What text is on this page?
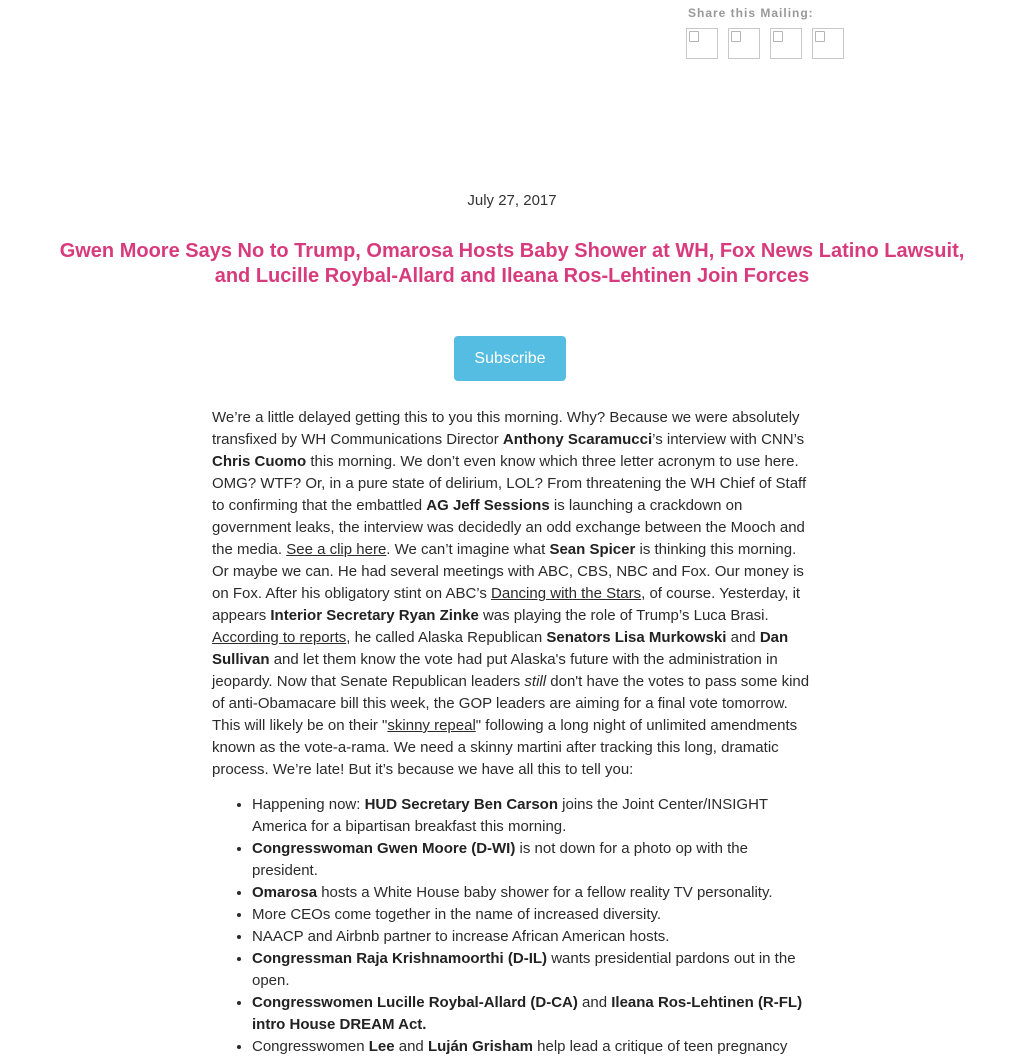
Share this Mailing:
July 27, 2017
Gwen Moore Says No to Trump, Omarosa Hosts Baby Shower at WH, Fox News Latino Lawsuit, and Lucille Roybal-Allard and Ileana Ros-Lehtinen Join Forces
Subscribe

We’re a little delayed getting this to you this morning. Why? Because we were absolutely transfixed by WH Communications Director Anthony Scaramucci’s interview with CNN’s Chris Cuomo this morning. We don’t even know which three letter acronym to use here. OMG? WTF? Or, in a pure state of delirium, LOL? From threatening the WH Chief of Staff to confirming that the embattled AG Jeff Sessions is launching a crackdown on government leaks, the interview was decidedly an odd exchange between the Mooch and the media. See a clip here. We can’t imagine what Sean Spicer is thinking this morning. Or maybe we can. He had several meetings with ABC, CBS, NBC and Fox. Our money is on Fox. After his obligatory stint on ABC’s Dancing with the Stars, of course. Yesterday, it appears Interior Secretary Ryan Zinke was playing the role of Trump’s Luca Brasi. According to reports, he called Alaska Republican Senators Lisa Murkowski and Dan Sullivan and let them know the vote had put Alaska's future with the administration in jeopardy. Now that Senate Republican leaders still don't have the votes to pass some kind of anti-Obamacare bill this week, the GOP leaders are aiming for a final vote tomorrow. This will likely be on their "skinny repeal" following a long night of unlimited amendments known as the vote-a-rama. We need a skinny martini after tracking this long, dramatic process. We’re late! But it’s because we have all this to tell you:

• Happening now: HUD Secretary Ben Carson joins the Joint Center/INSIGHT America for a bipartisan breakfast this morning.
• Congresswoman Gwen Moore (D-WI) is not down for a photo op with the president.
• Omarosa hosts a White House baby shower for a fellow reality TV personality.
• More CEOs come together in the name of increased diversity.
• NAACP and Airbnb partner to increase African American hosts.
• Congressman Raja Krishnamoorthi (D-IL) wants presidential pardons out in the open.
• Congresswomen Lucille Roybal-Allard (D-CA) and Ileana Ros-Lehtinen (R-FL) intro House DREAM Act.
• Congresswomen Lee and Luján Grisham help lead a critique of teen pregnancy
